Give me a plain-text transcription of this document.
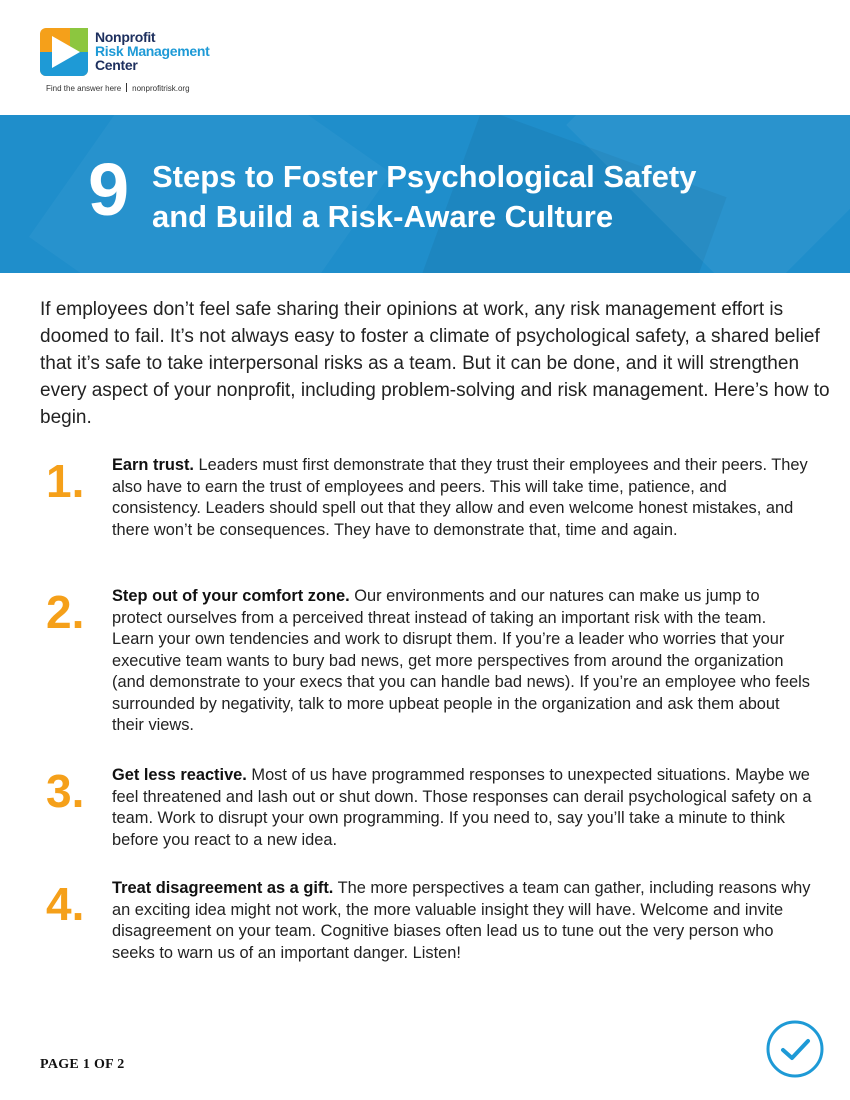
Nonprofit
Risk Management
Center
Find the answer here nonprofitrisk.org
9 Steps to Foster Psychological Safety
and Build a Risk-Aware Culture
If employees don’t feel safe sharing their opinions at work, any risk management effort is doomed to fail. It’s not always easy to foster a climate of psychological safety, a shared belief that it’s safe to take interpersonal risks as a team. But it can be done, and it will strengthen every aspect of your nonprofit, including problem-solving and risk management. Here’s how to begin.
1. Earn trust. Leaders must first demonstrate that they trust their employees and their peers. They also have to earn the trust of employees and peers. This will take time, patience, and consistency. Leaders should spell out that they allow and even welcome honest mistakes, and there won’t be consequences. They have to demonstrate that, time and again.
2. Step out of your comfort zone. Our environments and our natures can make us jump to protect ourselves from a perceived threat instead of taking an important risk with the team. Learn your own tendencies and work to disrupt them. If you’re a leader who worries that your executive team wants to bury bad news, get more perspectives from around the organization (and demonstrate to your execs that you can handle bad news). If you’re an employee who feels surrounded by negativity, talk to more upbeat people in the organization and ask them about their views.
3. Get less reactive. Most of us have programmed responses to unexpected situations. Maybe we feel threatened and lash out or shut down. Those responses can derail psychological safety on a team. Work to disrupt your own programming. If you need to, say you’ll take a minute to think before you react to a new idea.
4. Treat disagreement as a gift. The more perspectives a team can gather, including reasons why an exciting idea might not work, the more valuable insight they will have. Welcome and invite disagreement on your team. Cognitive biases often lead us to tune out the very person who seeks to warn us of an important danger. Listen!
PAGE 1 OF 2
